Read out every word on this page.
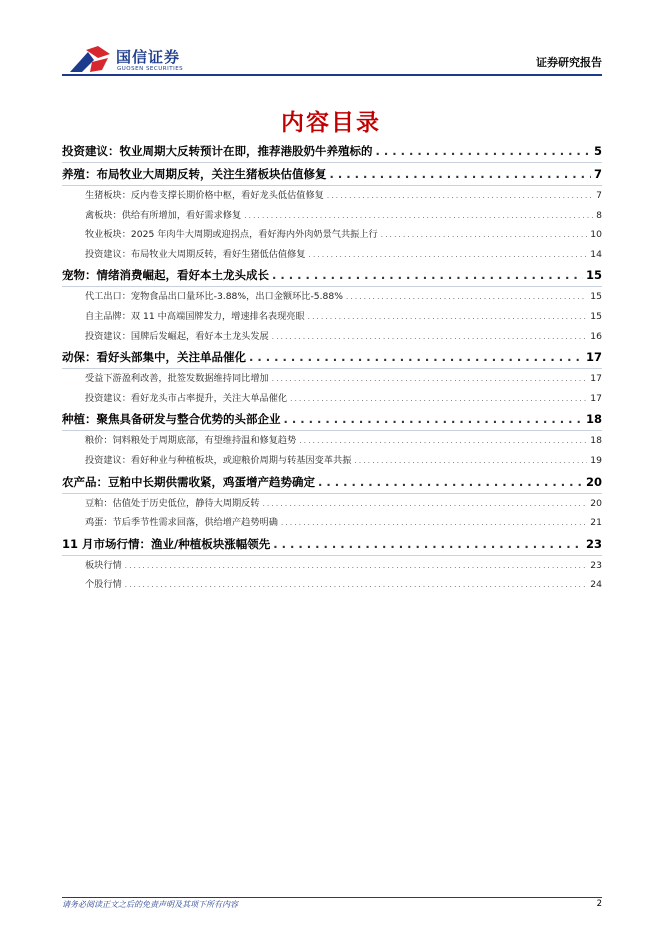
国信证券
GUOSEN SECURITIES	证券研究报告
内容目录
投资建议：牧业周期大反转预计在即，推荐港股奶牛养殖标的 . . .	5
养殖：布局牧业大周期反转，关注生猪板块估值修复 . . .	7
生猪板块：反内卷支撑长期价格中枢，看好龙头低估值修复 . . .	7
禽板块：供给有所增加，看好需求修复 . . .	8
牧业板块：2025 年肉牛大周期或迎拐点，看好海内外肉奶景气共振上行 . . .	10
投资建议：布局牧业大周期反转，看好生猪低估值修复 . . .	14
宠物：情绪消费崛起，看好本土龙头成长 . . .	15
代工出口：宠物食品出口量环比-3.88%，出口金额环比-5.88% . . .	15
自主品牌：双 11 中高端国牌发力，增速排名表现亮眼 . . .	15
投资建议：国牌后发崛起，看好本土龙头发展 . . .	16
动保：看好头部集中，关注单品催化 . . .	17
受益下游盈利改善，批签发数据维持同比增加 . . .	17
投资建议：看好龙头市占率提升，关注大单品催化 . . .	17
种植：聚焦具备研发与整合优势的头部企业 . . .	18
粮价：饲料粮处于周期底部，有望维持温和修复趋势 . . .	18
投资建议：看好种业与种植板块，或迎粮价周期与转基因变革共振 . . .	19
农产品：豆粕中长期供需收紧，鸡蛋增产趋势确定 . . .	20
豆粕：估值处于历史低位，静待大周期反转 . . .	20
鸡蛋：节后季节性需求回落，供给增产趋势明确 . . .	21
11 月市场行情：渔业/种植板块涨幅领先 . . .	23
板块行情 . . .	23
个股行情 . . .	24
请务必阅读正文之后的免责声明及其项下所有内容	2
